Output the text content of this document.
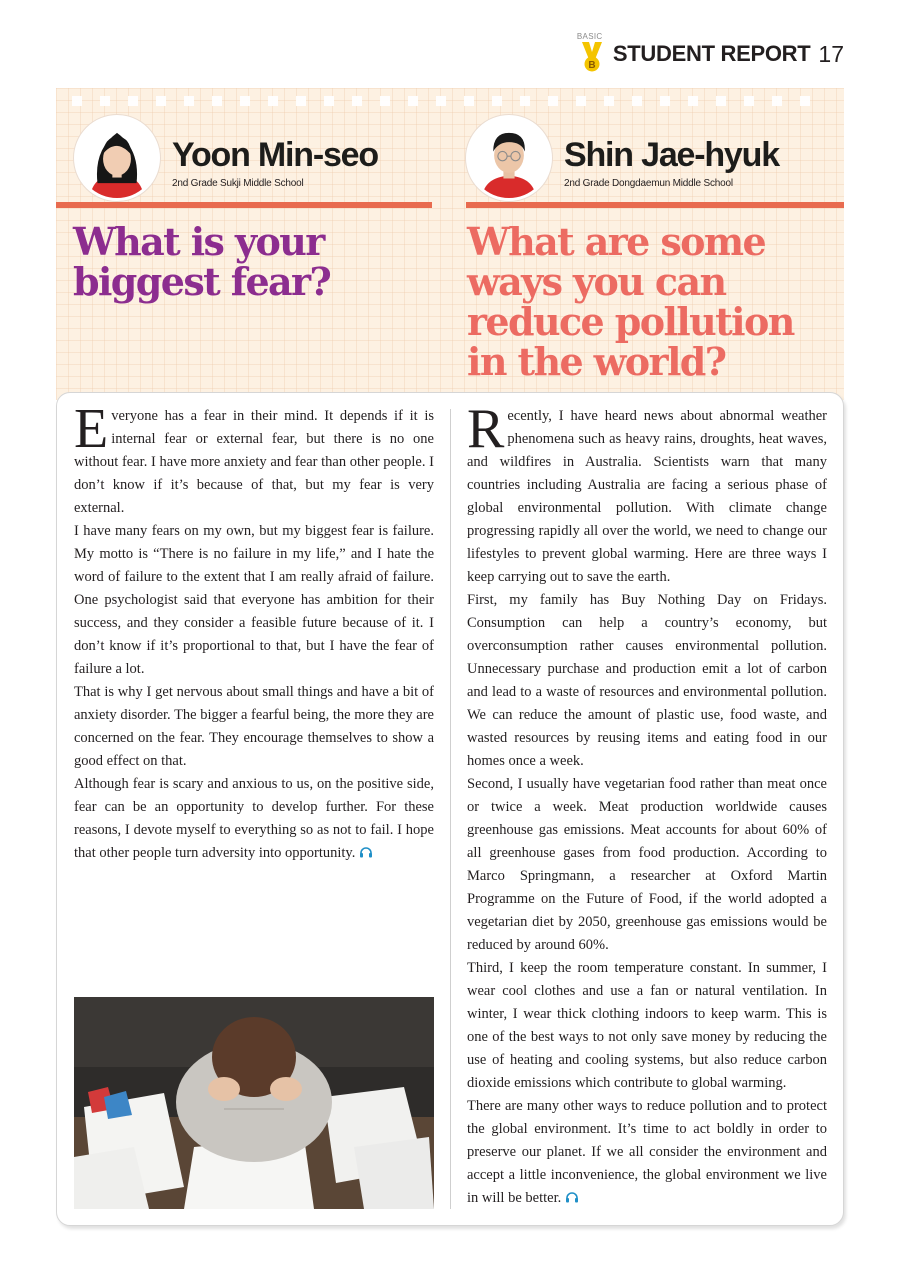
BASIC
B STUDENT REPORT 17
Yoon Min-seo
2nd Grade Sukji Middle School
Shin Jae-hyuk
2nd Grade Dongdaemun Middle School
What is your biggest fear?
What are some ways you can reduce pollution in the world?

Everyone has a fear in their mind. It depends if it is internal fear or external fear, but there is no one without fear. I have more anxiety and fear than other people. I don’t know if it’s because of that, but my fear is very external.

I have many fears on my own, but my biggest fear is failure. My motto is “There is no failure in my life,” and I hate the word of failure to the extent that I am really afraid of failure. One psychologist said that everyone has ambition for their success, and they consider a feasible future because of it. I don’t know if it’s proportional to that, but I have the fear of failure a lot.

That is why I get nervous about small things and have a bit of anxiety disorder. The bigger a fearful being, the more they are concerned on the fear. They encourage themselves to show a good effect on that.

Although fear is scary and anxious to us, on the positive side, fear can be an opportunity to develop further. For these reasons, I devote myself to everything so as not to fail. I hope that other people turn adversity into opportunity.

Recently, I have heard news about abnormal weather phenomena such as heavy rains, droughts, heat waves, and wildfires in Australia. Scientists warn that many countries including Australia are facing a serious phase of global environmental pollution. With climate change progressing rapidly all over the world, we need to change our lifestyles to prevent global warming. Here are three ways I keep carrying out to save the earth.

First, my family has Buy Nothing Day on Fridays. Consumption can help a country’s economy, but overconsumption rather causes environmental pollution. Unnecessary purchase and production emit a lot of carbon and lead to a waste of resources and environmental pollution. We can reduce the amount of plastic use, food waste, and wasted resources by reusing items and eating food in our homes once a week.

Second, I usually have vegetarian food rather than meat once or twice a week. Meat production worldwide causes greenhouse gas emissions. Meat accounts for about 60% of all greenhouse gases from food production. According to Marco Springmann, a researcher at Oxford Martin Programme on the Future of Food, if the world adopted a vegetarian diet by 2050, greenhouse gas emissions would be reduced by around 60%.

Third, I keep the room temperature constant. In summer, I wear cool clothes and use a fan or natural ventilation. In winter, I wear thick clothing indoors to keep warm. This is one of the best ways to not only save money by reducing the use of heating and cooling systems, but also reduce carbon dioxide emissions which contribute to global warming.

There are many other ways to reduce pollution and to protect the global environment. It’s time to act boldly in order to preserve our planet. If we all consider the environment and accept a little inconvenience, the global environment we live in will be better.
